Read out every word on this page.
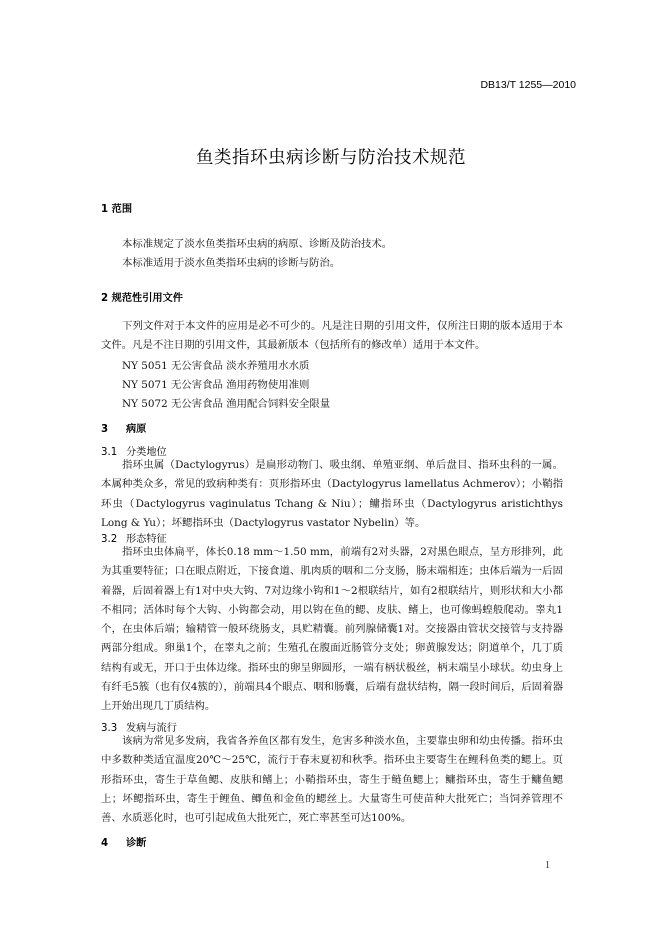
DB13/T 1255—2010
鱼类指环虫病诊断与防治技术规范
1 范围
本标准规定了淡水鱼类指环虫病的病原、诊断及防治技术。
本标准适用于淡水鱼类指环虫病的诊断与防治。
2 规范性引用文件

下列文件对于本文件的应用是必不可少的。凡是注日期的引用文件，仅所注日期的版本适用于本文件。凡是不注日期的引用文件，其最新版本（包括所有的修改单）适用于本文件。

NY 5051 无公害食品 淡水养殖用水水质
NY 5071 无公害食品 渔用药物使用准则
NY 5072 无公害食品 渔用配合饲料安全限量
3 病原
3.1 分类地位

指环虫属（Dactylogyrus）是扁形动物门、吸虫纲、单殖亚纲、单后盘目、指环虫科的一属。本属种类众多，常见的致病种类有：页形指环虫（Dactylogyrus lamellatus Achmerov）；小鞘指环虫（Dactylogyrus vaginulatus Tchang & Niu）；鳙指环虫（Dactylogyrus aristichthys Long & Yu）；坏鳃指环虫（Dactylogyrus vastator Nybelin）等。

3.2 形态特征

指环虫虫体扁平，体长0.18 mm～1.50 mm，前端有2对头器，2对黑色眼点，呈方形排列，此为其重要特征；口在眼点附近，下接食道、肌肉质的咽和二分支肠，肠末端相连；虫体后端为一后固着器，后固着器上有1对中央大钩、7对边缘小钩和1～2根联结片，如有2根联结片，则形状和大小都不相同；活体时每个大钩、小钩都会动，用以钩在鱼的鳃、皮肤、鳍上，也可像蚂蝗般爬动。睾丸1个，在虫体后端；输精管一般环绕肠支，具贮精囊。前列腺储囊1对。交接器由管状交接管与支持器两部分组成。卵巢1个，在睾丸之前；生殖孔在腹面近肠管分支处；卵黄腺发达；阴道单个，几丁质结构有或无，开口于虫体边缘。指环虫的卵呈卵圆形，一端有柄状极丝，柄末端呈小球状。幼虫身上有纤毛5簇（也有仅4簇的），前端具4个眼点、咽和肠囊，后端有盘状结构，隔一段时间后，后固着器上开始出现几丁质结构。

3.3 发病与流行

该病为常见多发病，我省各养鱼区都有发生，危害多种淡水鱼，主要靠虫卵和幼虫传播。指环虫中多数种类适宜温度20℃～25℃，流行于春末夏初和秋季。指环虫主要寄生在鲤科鱼类的鳃上。页形指环虫，寄生于草鱼鳃、皮肤和鳍上；小鞘指环虫，寄生于鲢鱼鳃上；鳙指环虫，寄生于鳙鱼鳃上；坏鳃指环虫，寄生于鲤鱼、鲫鱼和金鱼的鳃丝上。大量寄生可使苗种大批死亡；当饲养管理不善、水质恶化时，也可引起成鱼大批死亡，死亡率甚至可达100%。

4 诊断
1
